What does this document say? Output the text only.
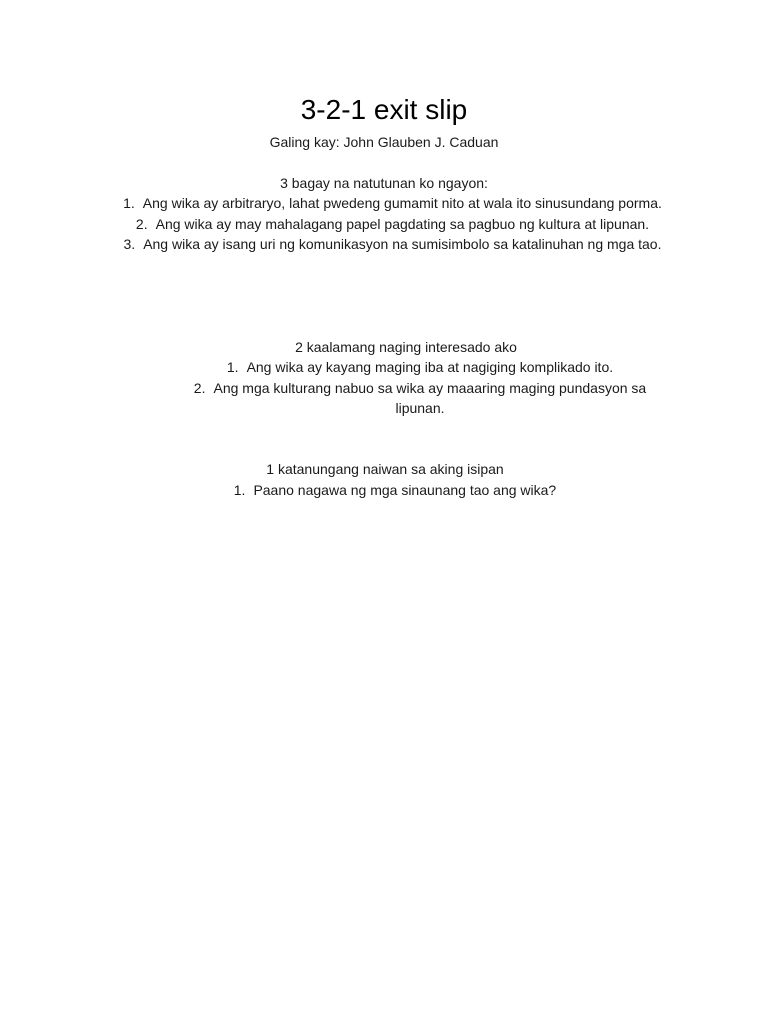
3-2-1 exit slip
Galing kay: John Glauben J. Caduan
3 bagay na natutunan ko ngayon:
1. Ang wika ay arbitraryo, lahat pwedeng gumamit nito at wala ito sinusundang porma.
2. Ang wika ay may mahalagang papel pagdating sa pagbuo ng kultura at lipunan.
3. Ang wika ay isang uri ng komunikasyon na sumisimbolo sa katalinuhan ng mga tao.
2 kaalamang naging interesado ako
1. Ang wika ay kayang maging iba at nagiging komplikado ito.
2. Ang mga kulturang nabuo sa wika ay maaaring maging pundasyon sa lipunan.
1 katanungang naiwan sa aking isipan
1. Paano nagawa ng mga sinaunang tao ang wika?
